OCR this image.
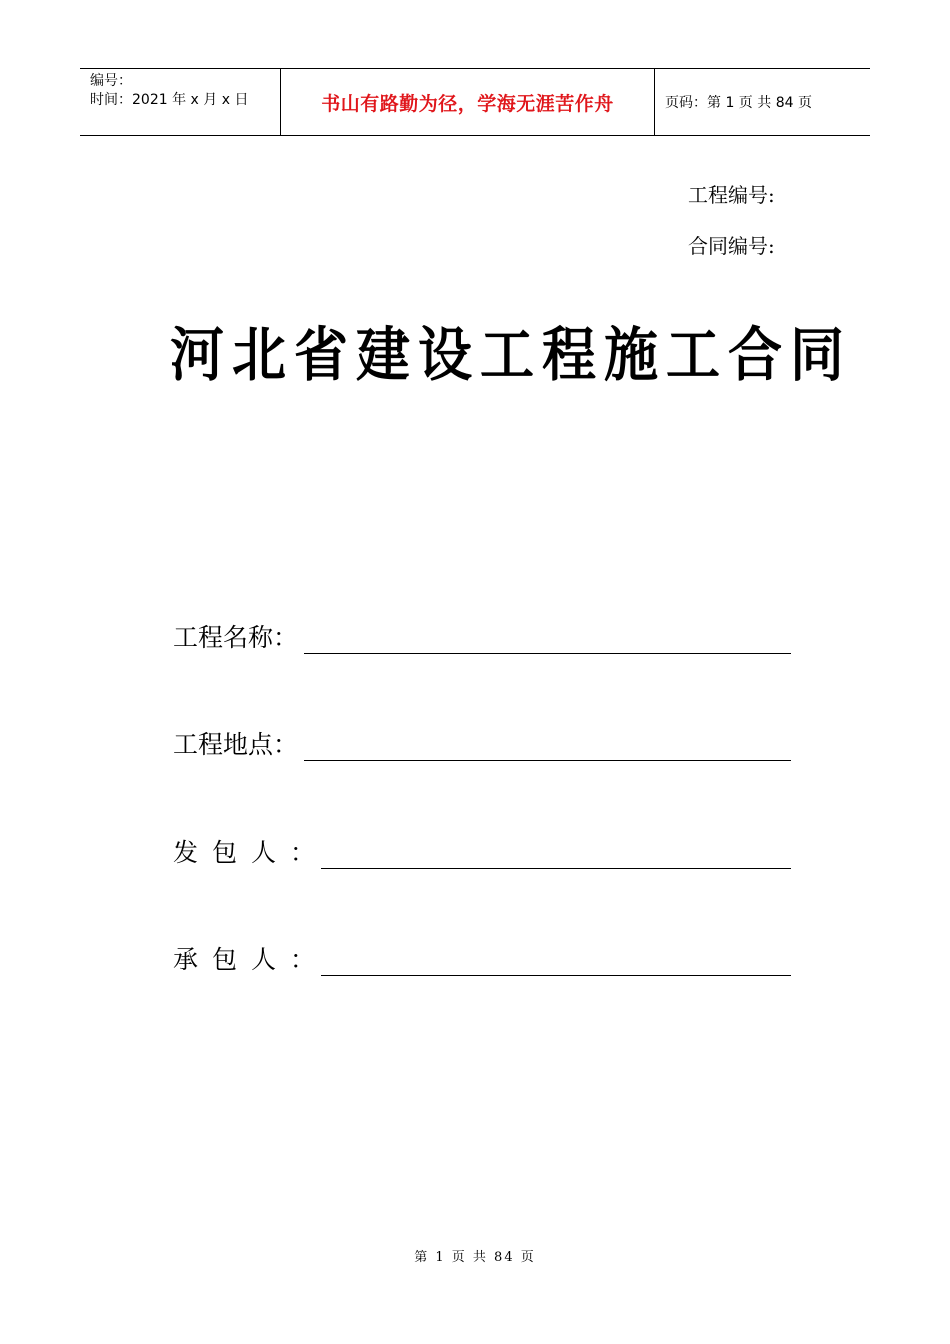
编号：
时间：2021 年 x 月 x 日	书山有路勤为径，学海无涯苦作舟	页码：第 1 页 共 84 页
工程编号:
合同编号:
河北省建设工程施工合同
工程名称 ：
工程地点 ：
发包人 ：
承包人 ：
第 1 页 共 84 页
